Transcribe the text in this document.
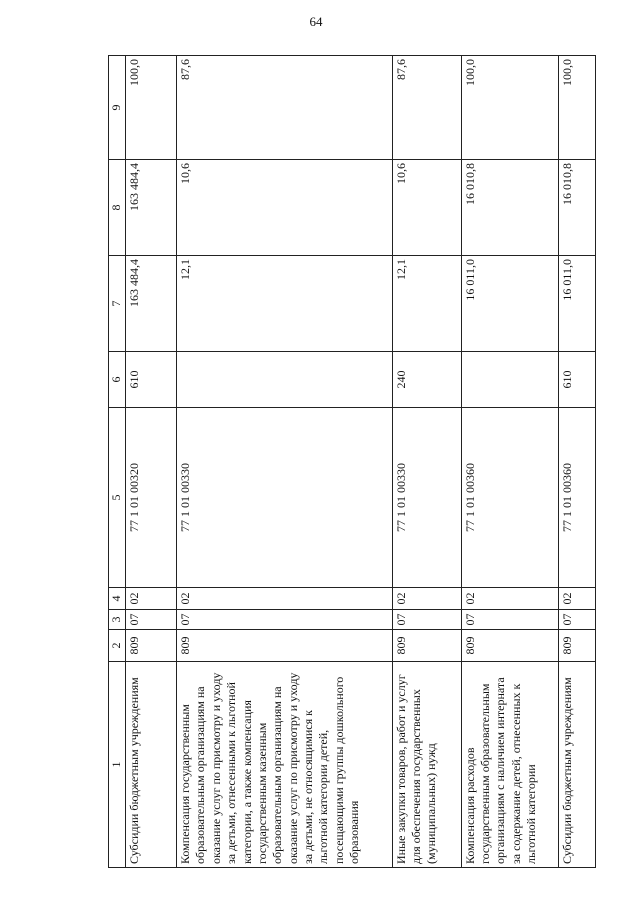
64
1	2	3	4	5	6	7	8	9
Субсидии бюджетным учреждениям	809	07	02	77 1 01 00320	610	163 484,4	163 484,4	100,0
Компенсация государственным образовательным организациям на оказание услуг по присмотру и уходу за детьми, отнесенными к льготной категории, а также компенсация государственным казенным образовательным организациям на оказание услуг по присмотру и уходу за детьми, не относящимися к льготной категории детей, посещающими группы дошкольного образования	809	07	02	77 1 01 00330		12,1	10,6	87,6
Иные закупки товаров, работ и услуг для обеспечения государственных (муниципальных) нужд	809	07	02	77 1 01 00330	240	12,1	10,6	87,6
Компенсация расходов государственным образовательным организациям с наличием интерната за содержание детей, отнесенных к льготной категории	809	07	02	77 1 01 00360		16 011,0	16 010,8	100,0
Субсидии бюджетным учреждениям	809	07	02	77 1 01 00360	610	16 011,0	16 010,8	100,0
